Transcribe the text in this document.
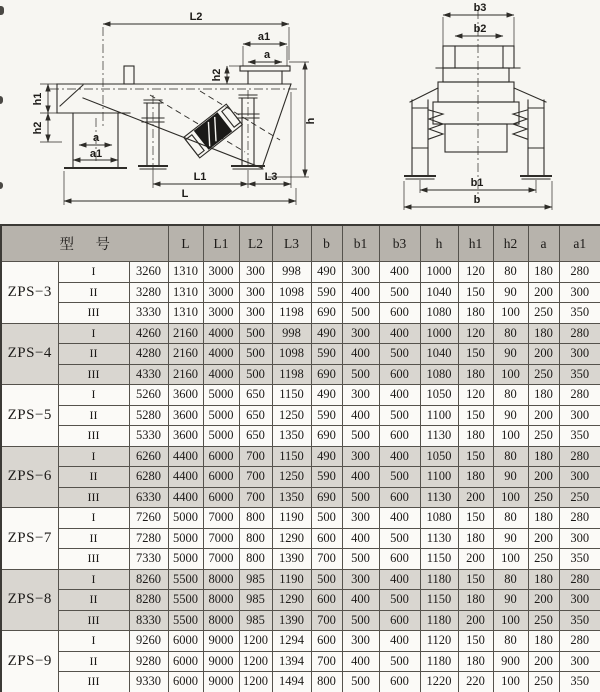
L2
a1
a
h2
a
a1
h1
h2
L1	L3
L
h
b3
b2
b1
b
型 号			L	L1	L2	L3	b	b1	b3	h	h1	h2	a	a1
ZPS−3	I	3260	1310	3000	300	998	490	300	400	1000	120	80	180	280
	II	3280	1310	3000	300	1098	590	400	500	1040	150	90	200	300
	III	3330	1310	3000	300	1198	690	500	600	1080	180	100	250	350
ZPS−4	I	4260	2160	4000	500	998	490	300	400	1000	120	80	180	280
	II	4280	2160	4000	500	1098	590	400	500	1040	150	90	200	300
	III	4330	2160	4000	500	1198	690	500	600	1080	180	100	250	350
ZPS−5	I	5260	3600	5000	650	1150	490	300	400	1050	120	80	180	280
	II	5280	3600	5000	650	1250	590	400	500	1100	150	90	200	300
	III	5330	3600	5000	650	1350	690	500	600	1130	180	100	250	350
ZPS−6	I	6260	4400	6000	700	1150	490	300	400	1050	150	80	180	280
	II	6280	4400	6000	700	1250	590	400	500	1100	180	90	200	300
	III	6330	4400	6000	700	1350	690	500	600	1130	200	100	250	250
ZPS−7	I	7260	5000	7000	800	1190	500	300	400	1080	150	80	180	280
	II	7280	5000	7000	800	1290	600	400	500	1130	180	90	200	300
	III	7330	5000	7000	800	1390	700	500	600	1150	200	100	250	350
ZPS−8	I	8260	5500	8000	985	1190	500	300	400	1180	150	80	180	280
	II	8280	5500	8000	985	1290	600	400	500	1150	180	90	200	300
	III	8330	5500	8000	985	1390	700	500	600	1180	200	100	250	350
ZPS−9	I	9260	6000	9000	1200	1294	600	300	400	1120	150	80	180	280
	II	9280	6000	9000	1200	1394	700	400	500	1180	180	900	200	300
	III	9330	6000	9000	1200	1494	800	500	600	1220	220	100	250	350
